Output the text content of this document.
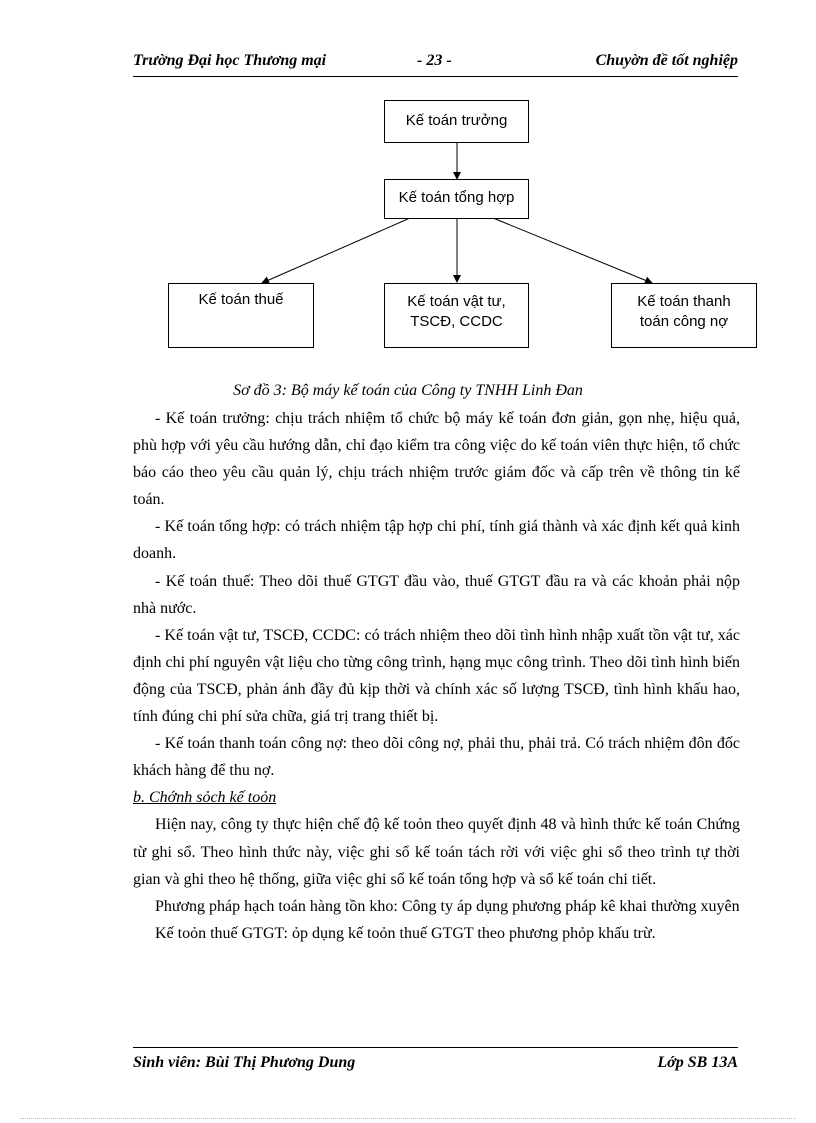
Trường Đại học Thương mại	- 23 -	Chuyờn đề tốt nghiệp
Kế toán trưởng
Kế toán tổng hợp
Kế toán thuế	Kế toán vật tư,
TSCĐ, CCDC
Kế toán thanh
toán công nợ
Sơ đồ 3: Bộ máy kế toán của Công ty TNHH Linh Đan

- Kế toán trưởng: chịu trách nhiệm tổ chức bộ máy kế toán đơn giản, gọn nhẹ, hiệu quả, phù hợp với yêu cầu hướng dẫn, chỉ đạo kiểm tra công việc do kế toán viên thực hiện, tổ chức báo cáo theo yêu cầu quản lý, chịu trách nhiệm trước giám đốc và cấp trên về thông tin kế toán.

- Kế toán tổng hợp: có trách nhiệm tập hợp chi phí, tính giá thành và xác định kết quả kinh doanh.

- Kế toán thuế: Theo dõi thuế GTGT đầu vào, thuế GTGT đầu ra và các khoản phải nộp nhà nước.

- Kế toán vật tư, TSCĐ, CCDC: có trách nhiệm theo dõi tình hình nhập xuất tồn vật tư, xác định chi phí nguyên vật liệu cho từng công trình, hạng mục công trình. Theo dõi tình hình biến động của TSCĐ, phản ánh đầy đủ kịp thời và chính xác số lượng TSCĐ, tình hình khấu hao, tính đúng chi phí sửa chữa, giá trị trang thiết bị.

- Kế toán thanh toán công nợ: theo dõi công nợ, phải thu, phải trả. Có trách nhiệm đôn đốc khách hàng để thu nợ.

b. Chớnh sỏch kế toỏn

Hiện nay, công ty thực hiện chế độ kế toỏn theo quyết định 48 và hình thức kế toán Chứng từ ghi sổ. Theo hình thức này, việc ghi sổ kế toán tách rời với việc ghi sổ theo trình tự thời gian và ghi theo hệ thống, giữa việc ghi sổ kế toán tổng hợp và sổ kế toán chi tiết.

Phương pháp hạch toán hàng tồn kho: Công ty áp dụng phương pháp kê khai thường xuyên

Kế toỏn thuế GTGT: ỏp dụng kế toỏn thuế GTGT theo phương phỏp khấu trừ.

Sinh viên: Bùi Thị Phương Dung	Lớp SB 13A
